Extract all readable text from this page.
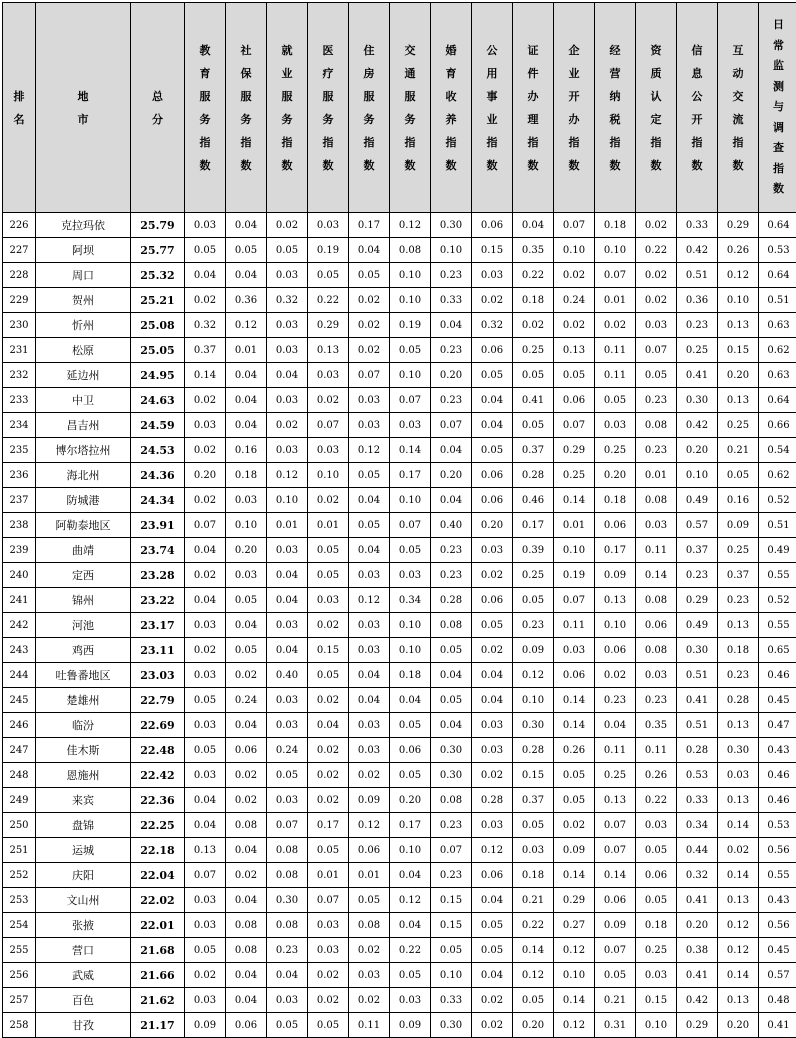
排名	地市	总分	教育服务指数	社保服务指数	就业服务指数	医疗服务指数	住房服务指数	交通服务指数	婚育收养指数	公用事业指数	证件办理指数	企业开办指数	经营纳税指数	资质认定指数	信息公开指数	互动交流指数	日常监测与调查指数
226	克拉玛依	25.79	0.03	0.04	0.02	0.03	0.17	0.12	0.30	0.06	0.04	0.07	0.18	0.02	0.33	0.29	0.64
227	阿坝	25.77	0.05	0.05	0.05	0.19	0.04	0.08	0.10	0.15	0.35	0.10	0.10	0.22	0.42	0.26	0.53
228	周口	25.32	0.04	0.04	0.03	0.05	0.05	0.10	0.23	0.03	0.22	0.02	0.07	0.02	0.51	0.12	0.64
229	贺州	25.21	0.02	0.36	0.32	0.22	0.02	0.10	0.33	0.02	0.18	0.24	0.01	0.02	0.36	0.10	0.51
230	忻州	25.08	0.32	0.12	0.03	0.29	0.02	0.19	0.04	0.32	0.02	0.02	0.02	0.03	0.23	0.13	0.63
231	松原	25.05	0.37	0.01	0.03	0.13	0.02	0.05	0.23	0.06	0.25	0.13	0.11	0.07	0.25	0.15	0.62
232	延边州	24.95	0.14	0.04	0.04	0.03	0.07	0.10	0.20	0.05	0.05	0.05	0.11	0.05	0.41	0.20	0.63
233	中卫	24.63	0.02	0.04	0.03	0.02	0.03	0.07	0.23	0.04	0.41	0.06	0.05	0.23	0.30	0.13	0.64
234	昌吉州	24.59	0.03	0.04	0.02	0.07	0.03	0.03	0.07	0.04	0.05	0.07	0.03	0.08	0.42	0.25	0.66
235	博尔塔拉州	24.53	0.02	0.16	0.03	0.03	0.12	0.14	0.04	0.05	0.37	0.29	0.25	0.23	0.20	0.21	0.54
236	海北州	24.36	0.20	0.18	0.12	0.10	0.05	0.17	0.20	0.06	0.28	0.25	0.20	0.01	0.10	0.05	0.62
237	防城港	24.34	0.02	0.03	0.10	0.02	0.04	0.10	0.04	0.06	0.46	0.14	0.18	0.08	0.49	0.16	0.52
238	阿勒泰地区	23.91	0.07	0.10	0.01	0.01	0.05	0.07	0.40	0.20	0.17	0.01	0.06	0.03	0.57	0.09	0.51
239	曲靖	23.74	0.04	0.20	0.03	0.05	0.04	0.05	0.23	0.03	0.39	0.10	0.17	0.11	0.37	0.25	0.49
240	定西	23.28	0.02	0.03	0.04	0.05	0.03	0.03	0.23	0.02	0.25	0.19	0.09	0.14	0.23	0.37	0.55
241	锦州	23.22	0.04	0.05	0.04	0.03	0.12	0.34	0.28	0.06	0.05	0.07	0.13	0.08	0.29	0.23	0.52
242	河池	23.17	0.03	0.04	0.03	0.02	0.03	0.10	0.08	0.05	0.23	0.11	0.10	0.06	0.49	0.13	0.55
243	鸡西	23.11	0.02	0.05	0.04	0.15	0.03	0.10	0.05	0.02	0.09	0.03	0.06	0.08	0.30	0.18	0.65
244	吐鲁番地区	23.03	0.03	0.02	0.40	0.05	0.04	0.18	0.04	0.04	0.12	0.06	0.02	0.03	0.51	0.23	0.46
245	楚雄州	22.79	0.05	0.24	0.03	0.02	0.04	0.04	0.05	0.04	0.10	0.14	0.23	0.23	0.41	0.28	0.45
246	临汾	22.69	0.03	0.04	0.03	0.04	0.03	0.05	0.04	0.03	0.30	0.14	0.04	0.35	0.51	0.13	0.47
247	佳木斯	22.48	0.05	0.06	0.24	0.02	0.03	0.06	0.30	0.03	0.28	0.26	0.11	0.11	0.28	0.30	0.43
248	恩施州	22.42	0.03	0.02	0.05	0.02	0.02	0.05	0.30	0.02	0.15	0.05	0.25	0.26	0.53	0.03	0.46
249	来宾	22.36	0.04	0.02	0.03	0.02	0.09	0.20	0.08	0.28	0.37	0.05	0.13	0.22	0.33	0.13	0.46
250	盘锦	22.25	0.04	0.08	0.07	0.17	0.12	0.17	0.23	0.03	0.05	0.02	0.07	0.03	0.34	0.14	0.53
251	运城	22.18	0.13	0.04	0.08	0.05	0.06	0.10	0.07	0.12	0.03	0.09	0.07	0.05	0.44	0.02	0.56
252	庆阳	22.04	0.07	0.02	0.08	0.01	0.01	0.04	0.23	0.06	0.18	0.14	0.14	0.06	0.32	0.14	0.55
253	文山州	22.02	0.03	0.04	0.30	0.07	0.05	0.12	0.15	0.04	0.21	0.29	0.06	0.05	0.41	0.13	0.43
254	张掖	22.01	0.03	0.08	0.08	0.03	0.08	0.04	0.15	0.05	0.22	0.27	0.09	0.18	0.20	0.12	0.56
255	营口	21.68	0.05	0.08	0.23	0.03	0.02	0.22	0.05	0.05	0.14	0.12	0.07	0.25	0.38	0.12	0.45
256	武威	21.66	0.02	0.04	0.04	0.02	0.03	0.05	0.10	0.04	0.12	0.10	0.05	0.03	0.41	0.14	0.57
257	百色	21.62	0.03	0.04	0.03	0.02	0.02	0.03	0.33	0.02	0.05	0.14	0.21	0.15	0.42	0.13	0.48
258	甘孜	21.17	0.09	0.06	0.05	0.05	0.11	0.09	0.30	0.02	0.20	0.12	0.31	0.10	0.29	0.20	0.41
